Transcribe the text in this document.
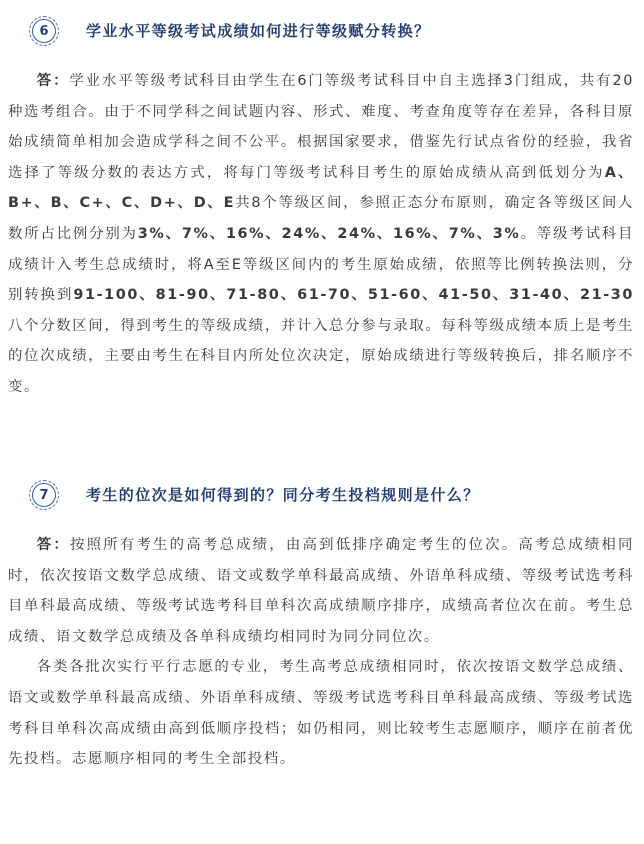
6	学业水平等级考试成绩如何进行等级赋分转换？

答：学业水平等级考试科目由学生在6门等级考试科目中自主选择3门组成，共有20种选考组合。由于不同学科之间试题内容、形式、难度、考查角度等存在差异，各科目原始成绩简单相加会造成学科之间不公平。根据国家要求，借鉴先行试点省份的经验，我省选择了等级分数的表达方式，将每门等级考试科目考生的原始成绩从高到低划分为A、B+、B、C+、C、D+、D、E共8个等级区间，参照正态分布原则，确定各等级区间人数所占比例分别为3%、7%、16%、24%、24%、16%、7%、3%。等级考试科目成绩计入考生总成绩时，将A至E等级区间内的考生原始成绩，依照等比例转换法则，分别转换到91-100、81-90、71-80、61-70、51-60、41-50、31-40、21-30八个分数区间，得到考生的等级成绩，并计入总分参与录取。每科等级成绩本质上是考生的位次成绩，主要由考生在科目内所处位次决定，原始成绩进行等级转换后，排名顺序不变。

7	考生的位次是如何得到的？同分考生投档规则是什么？

答：按照所有考生的高考总成绩，由高到低排序确定考生的位次。高考总成绩相同时，依次按语文数学总成绩、语文或数学单科最高成绩、外语单科成绩、等级考试选考科目单科最高成绩、等级考试选考科目单科次高成绩顺序排序，成绩高者位次在前。考生总成绩、语文数学总成绩及各单科成绩均相同时为同分同位次。

各类各批次实行平行志愿的专业，考生高考总成绩相同时，依次按语文数学总成绩、语文或数学单科最高成绩、外语单科成绩、等级考试选考科目单科最高成绩、等级考试选考科目单科次高成绩由高到低顺序投档；如仍相同，则比较考生志愿顺序，顺序在前者优先投档。志愿顺序相同的考生全部投档。
